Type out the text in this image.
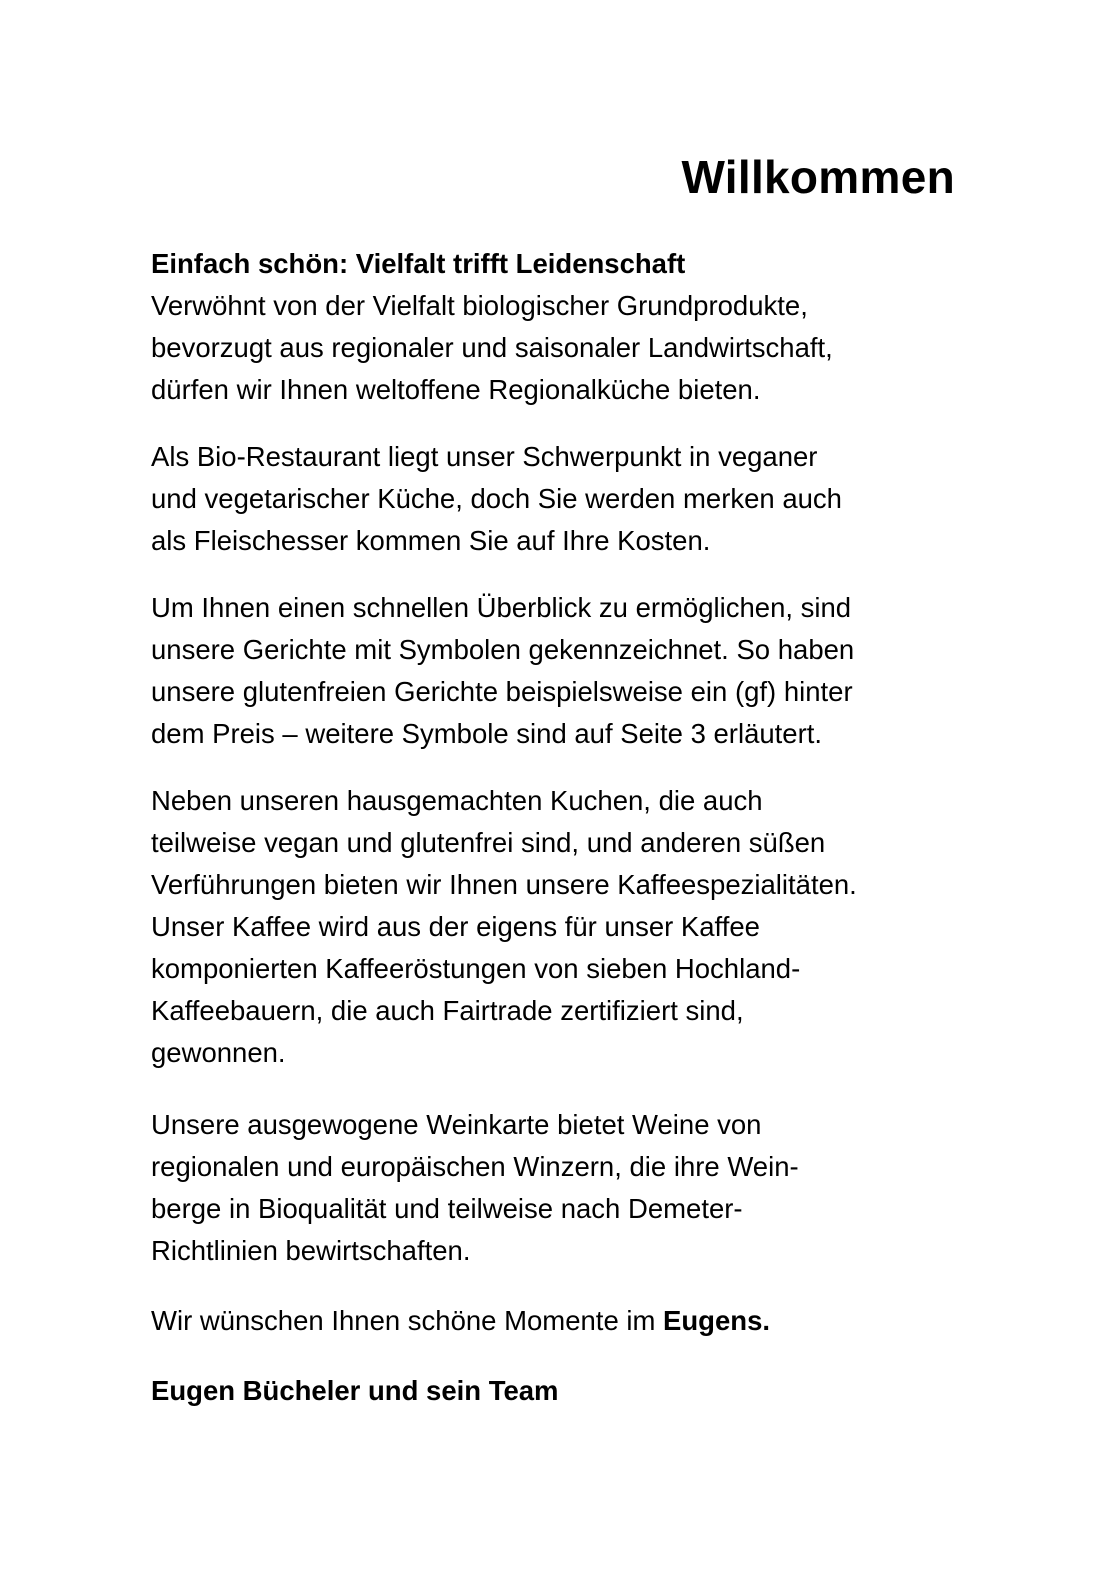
Willkommen

Einfach schön: Vielfalt trifft Leidenschaft

Verwöhnt von der Vielfalt biologischer Grundprodukte,
bevorzugt aus regionaler und saisonaler Landwirtschaft,
dürfen wir Ihnen weltoffene Regionalküche bieten.

Als Bio-Restaurant liegt unser Schwerpunkt in veganer
und vegetarischer Küche, doch Sie werden merken auch
als Fleischesser kommen Sie auf Ihre Kosten.

Um Ihnen einen schnellen Überblick zu ermöglichen, sind
unsere Gerichte mit Symbolen gekennzeichnet. So haben
unsere glutenfreien Gerichte beispielsweise ein (gf) hinter
dem Preis – weitere Symbole sind auf Seite 3 erläutert.

Neben unseren hausgemachten Kuchen, die auch
teilweise vegan und glutenfrei sind, und anderen süßen
Verführungen bieten wir Ihnen unsere Kaffeespezialitäten.
Unser Kaffee wird aus der eigens für unser Kaffee
komponierten Kaffeeröstungen von sieben Hochland-
Kaffeebauern, die auch Fairtrade zertifiziert sind,
gewonnen.

Unsere ausgewogene Weinkarte bietet Weine von
regionalen und europäischen Winzern, die ihre Wein-
berge in Bioqualität und teilweise nach Demeter-
Richtlinien bewirtschaften.

Wir wünschen Ihnen schöne Momente im Eugens.

Eugen Bücheler und sein Team
